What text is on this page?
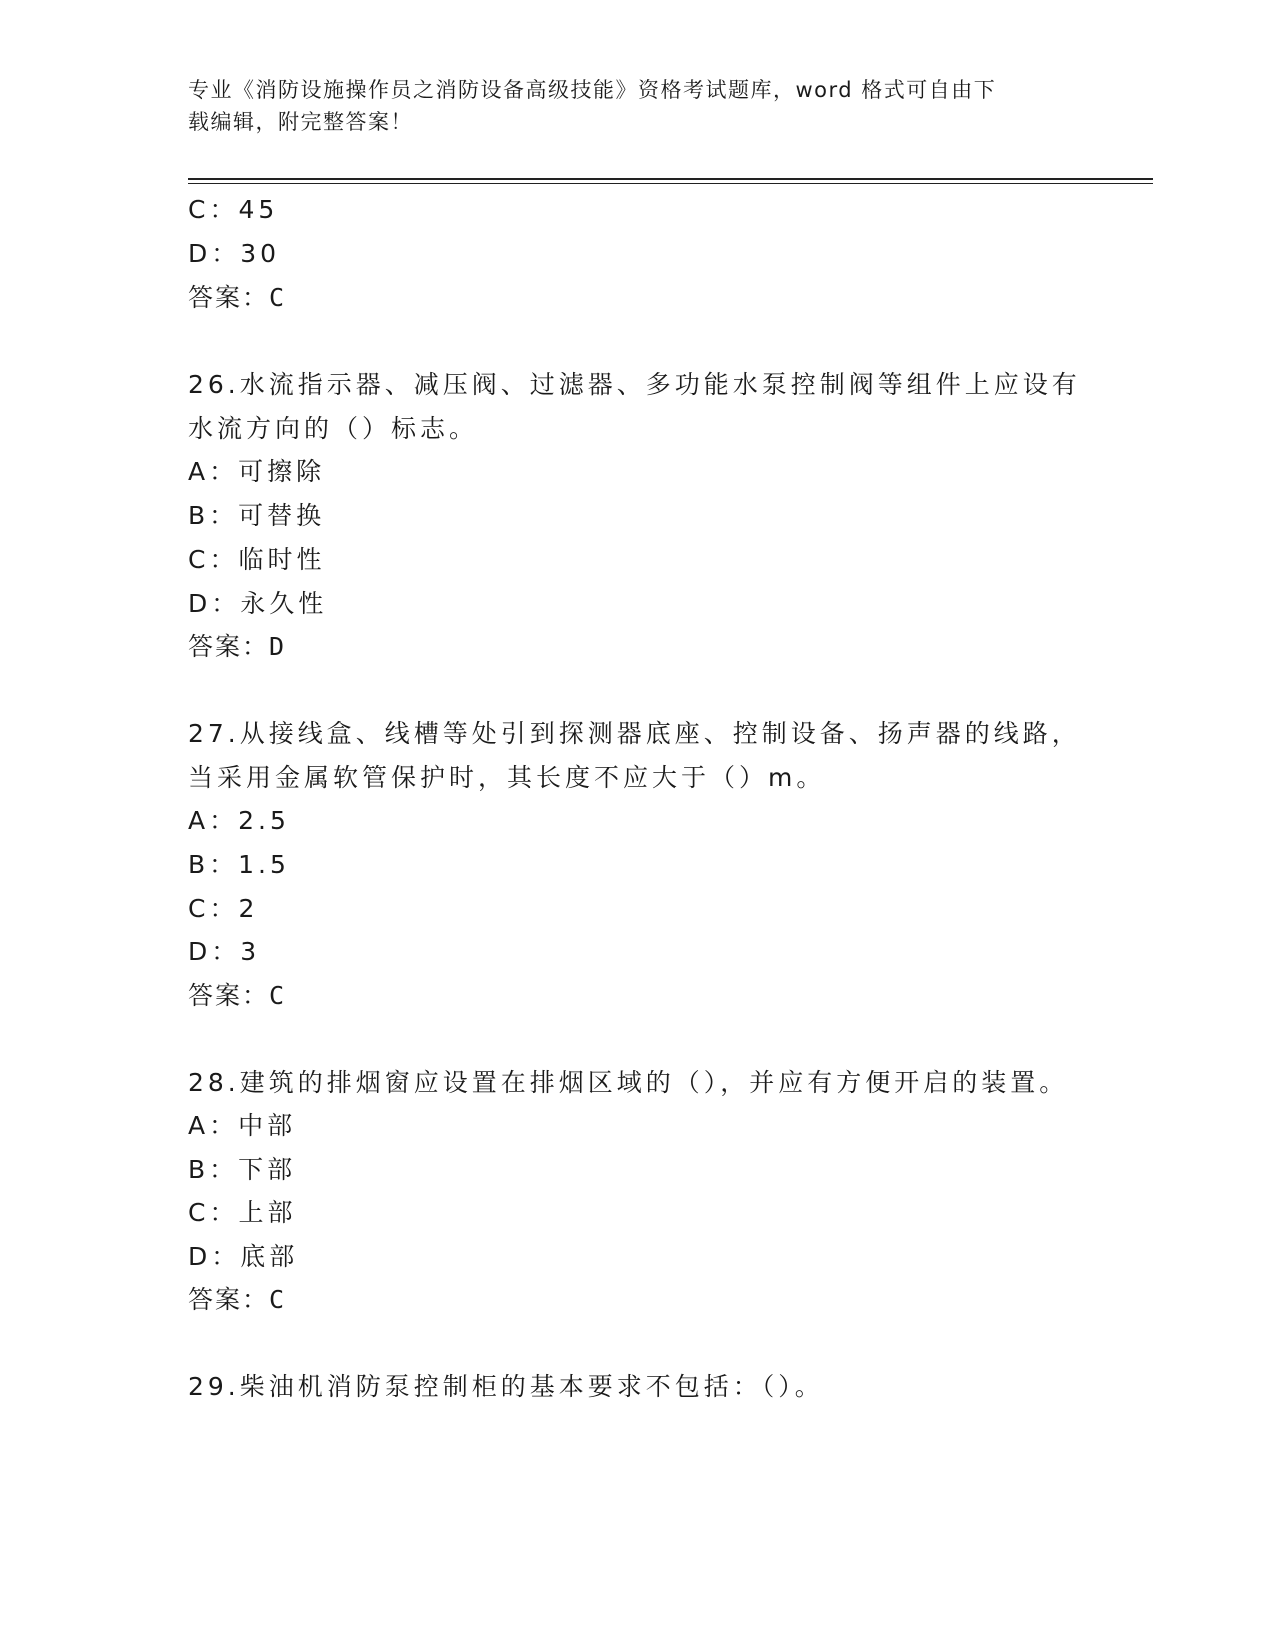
专业《消防设施操作员之消防设备高级技能》资格考试题库，word 格式可自由下
载编辑，附完整答案！
C：45
D：30
答案：C
26.水流指示器、减压阀、过滤器、多功能水泵控制阀等组件上应设有
水流方向的（）标志。
A：可擦除
B：可替换
C：临时性
D：永久性
答案：D
27.从接线盒、线槽等处引到探测器底座、控制设备、扬声器的线路，
当采用金属软管保护时，其长度不应大于（）m。
A：2.5
B：1.5
C：2
D：3
答案：C
28.建筑的排烟窗应设置在排烟区域的（），并应有方便开启的装置。
A：中部
B：下部
C：上部
D：底部
答案：C
29.柴油机消防泵控制柜的基本要求不包括：（）。
